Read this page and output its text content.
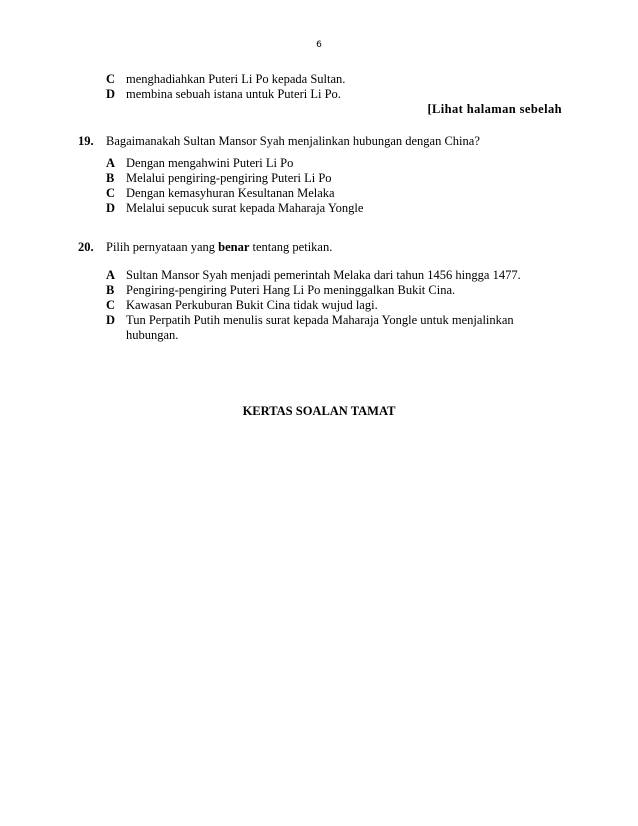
6
C menghadiahkan Puteri Li Po kepada Sultan.
D membina sebuah istana untuk Puteri Li Po.
[Lihat halaman sebelah
19. Bagaimanakah Sultan Mansor Syah menjalinkan hubungan dengan China?
A Dengan mengahwini Puteri Li Po
B Melalui pengiring-pengiring Puteri Li Po
C Dengan kemasyhuran Kesultanan Melaka
D Melalui sepucuk surat kepada Maharaja Yongle
20. Pilih pernyataan yang benar tentang petikan.
A Sultan Mansor Syah menjadi pemerintah Melaka dari tahun 1456 hingga 1477.
B Pengiring-pengiring Puteri Hang Li Po meninggalkan Bukit Cina.
C Kawasan Perkuburan Bukit Cina tidak wujud lagi.
D Tun Perpatih Putih menulis surat kepada Maharaja Yongle untuk menjalinkan
hubungan.
KERTAS SOALAN TAMAT
